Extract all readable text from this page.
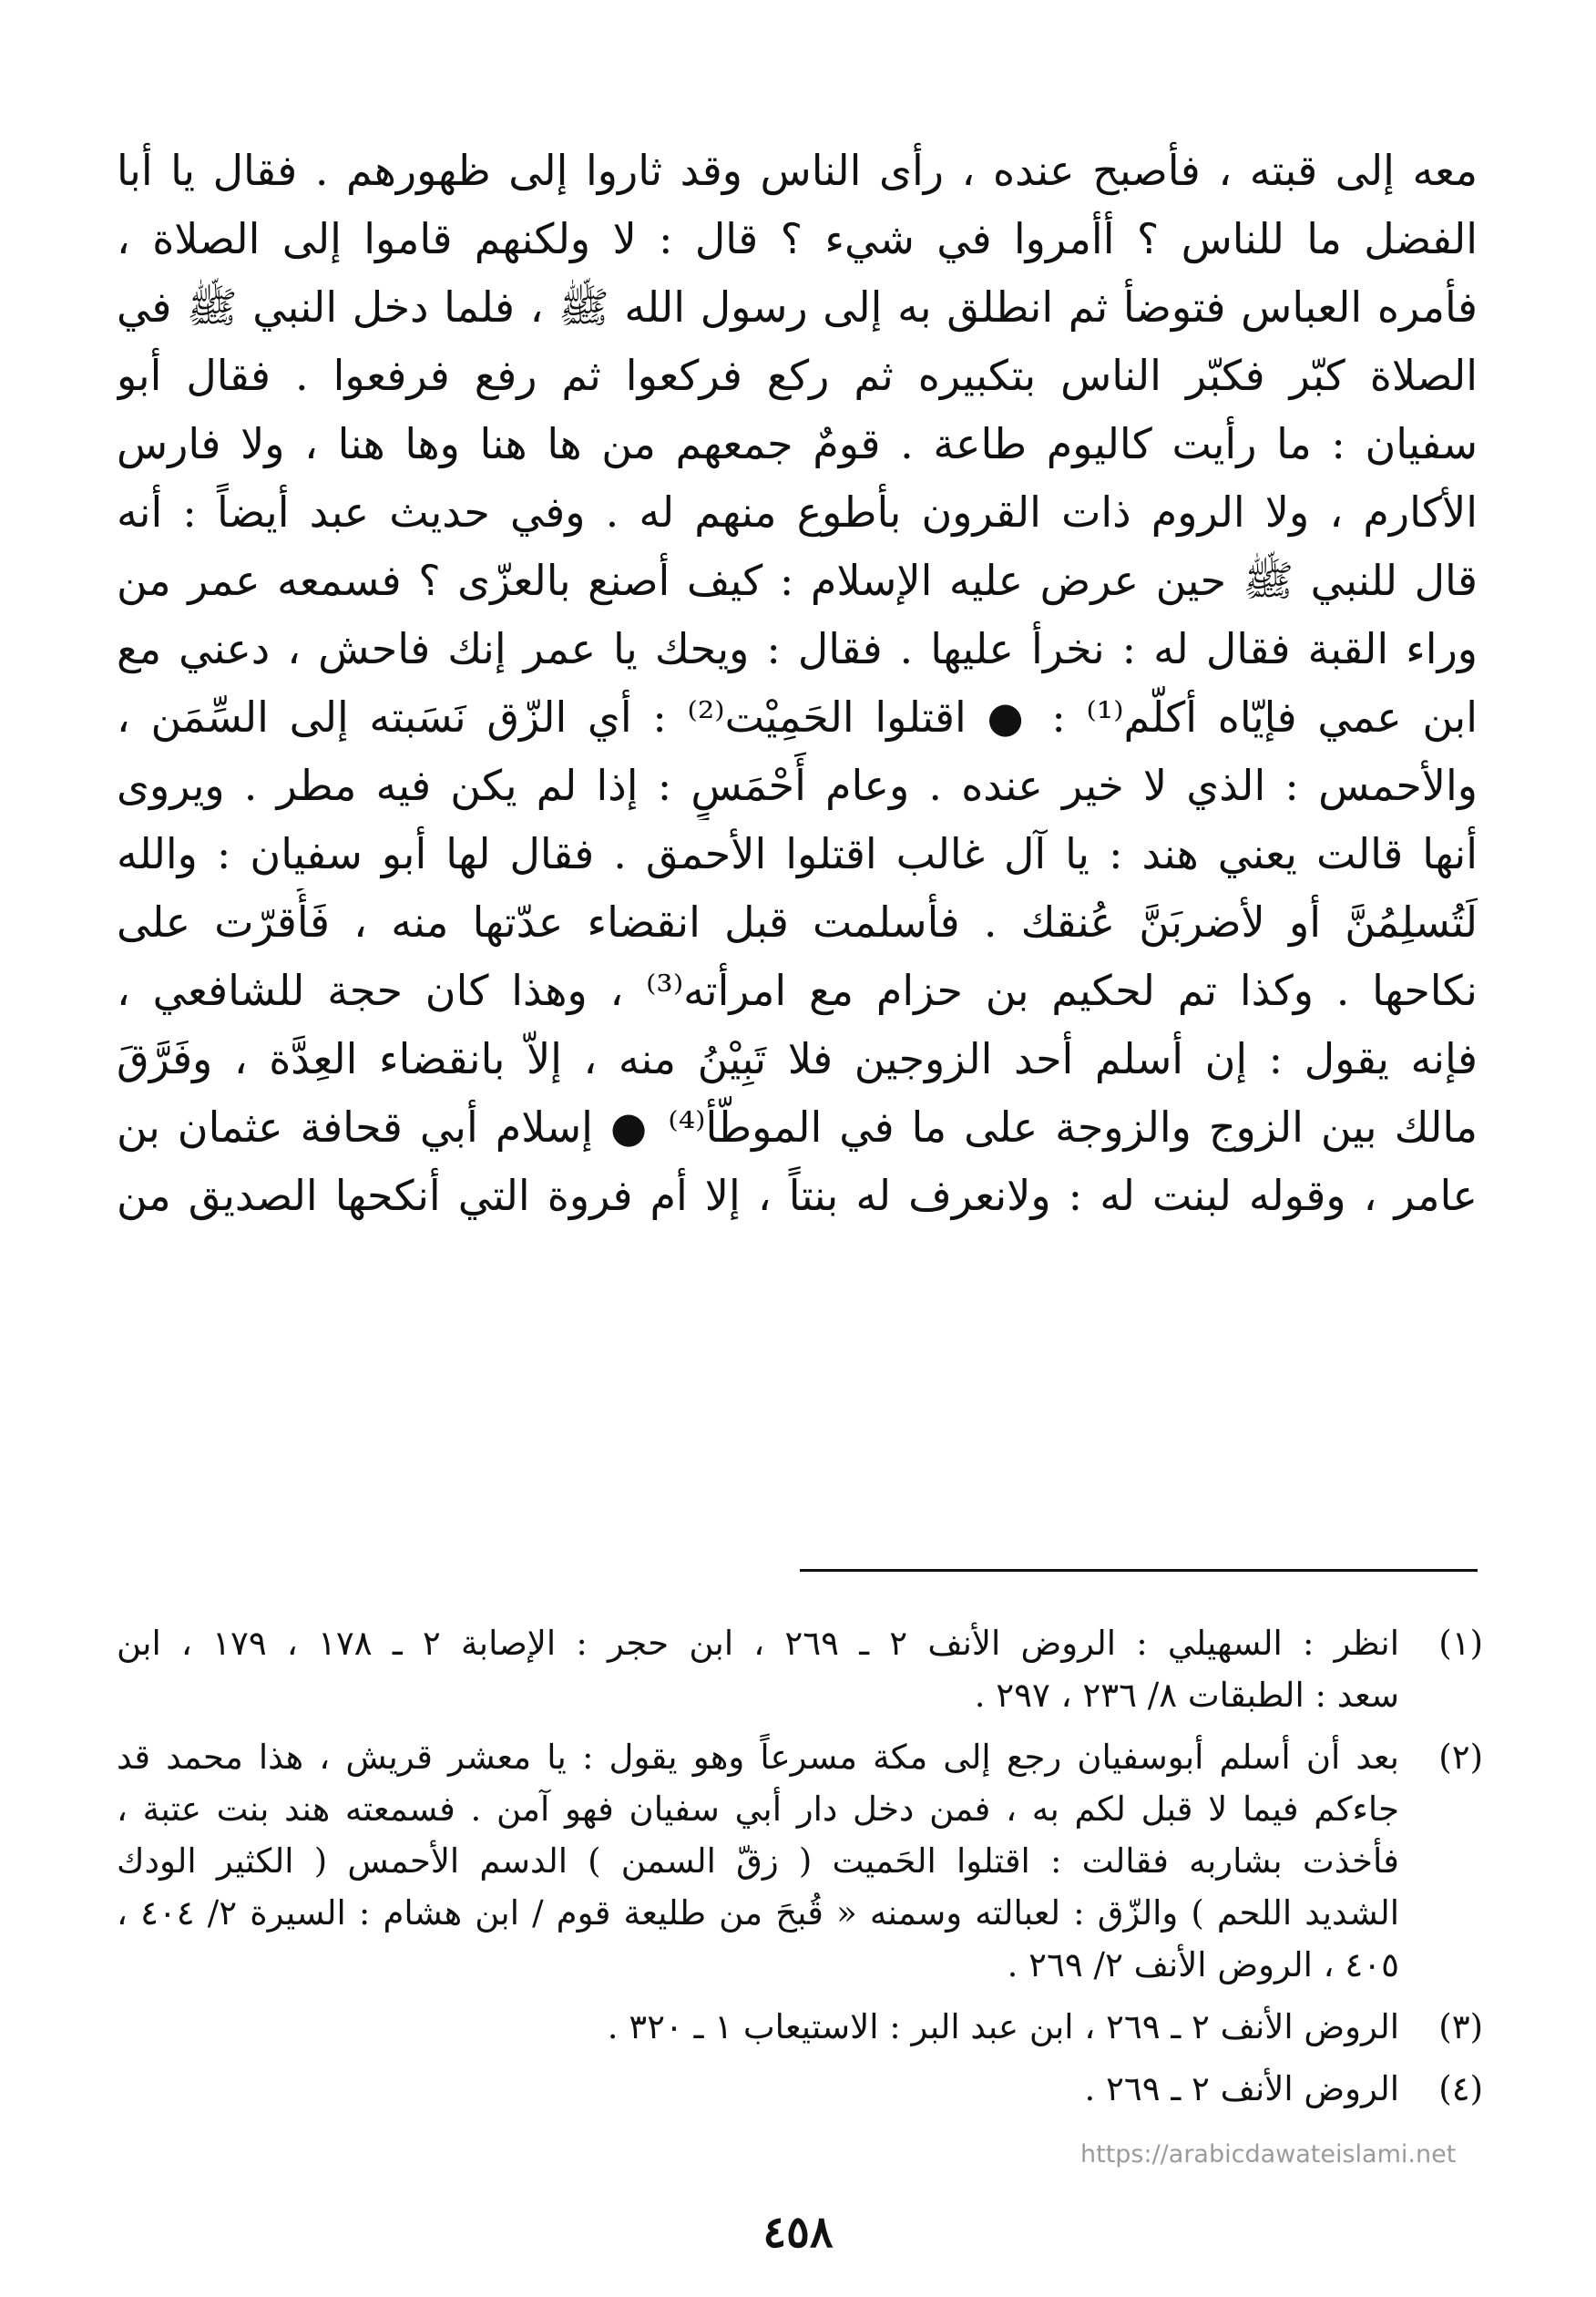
معه إلى قبته ، فأصبح عنده ، رأى الناس وقد ثاروا إلى ظهورهم . فقال يا أبا
الفضل ما للناس ؟ أأمروا في شيء ؟ قال : لا ولكنهم قاموا إلى الصلاة ،
فأمره العباس فتوضأ ثم انطلق به إلى رسول الله ﷺ ، فلما دخل النبي ﷺ في
الصلاة كبّر فكبّر الناس بتكبيره ثم ركع فركعوا ثم رفع فرفعوا . فقال أبو
سفيان : ما رأيت كاليوم طاعة . قومٌ جمعهم من ها هنا وها هنا ، ولا فارس
الأكارم ، ولا الروم ذات القرون بأطوع منهم له . وفي حديث عبد أيضاً : أنه
قال للنبي ﷺ حين عرض عليه الإسلام : كيف أصنع بالعزّى ؟ فسمعه عمر من
وراء القبة فقال له : نخرأ عليها . فقال : ويحك يا عمر إنك فاحش ، دعني مع
ابن عمي فإيّاه أكلّم⁽¹⁾ : ● اقتلوا الحَمِيْت⁽²⁾ : أي الزّق نَسَبته إلى السِّمَن ،
والأحمس : الذي لا خير عنده . وعام أَحْمَسٍ : إذا لم يكن فيه مطر . ويروى
أنها قالت يعني هند : يا آل غالب اقتلوا الأحمق . فقال لها أبو سفيان : والله
لَتُسلِمُنَّ أو لأضربَنَّ عُنقك . فأسلمت قبل انقضاء عدّتها منه ، فَأُقرّت على
نكاحها . وكذا تم لحكيم بن حزام مع امرأته⁽³⁾ ، وهذا كان حجة للشافعي ،
فإنه يقول : إن أسلم أحد الزوجين فلا تَبِيْنُ منه ، إلاّ بانقضاء العِدَّة ، وفَرَّقَ
مالك بين الزوج والزوجة على ما في الموطّأ⁽⁴⁾ ● إسلام أبي قحافة عثمان بن
عامر ، وقوله لبنت له : ولانعرف له بنتاً ، إلا أم فروة التي أنكحها الصديق من
(١)
انظر : السهيلي : الروض الأنف ٢ ـ ٢٦٩ ، ابن حجر : الإصابة ٢ ـ ١٧٨ ، ١٧٩ ، ابن
سعد : الطبقات ٨/ ٢٣٦ ، ٢٩٧ .
(٢)
بعد أن أسلم أبوسفيان رجع إلى مكة مسرعاً وهو يقول : يا معشر قريش ، هذا محمد قد
جاءكم فيما لا قبل لكم به ، فمن دخل دار أبي سفيان فهو آمن . فسمعته هند بنت عتبة ،
فأخذت بشاربه فقالت : اقتلوا الحَميت ( زقّ السمن ) الدسم الأحمس ( الكثير الودك
الشديد اللحم ) والزّق : لعبالته وسمنه « قُبحَ من طليعة قوم / ابن هشام : السيرة ٢/ ٤٠٤ ،
٤٠٥ ، الروض الأنف ٢/ ٢٦٩ .
(٣)
الروض الأنف ٢ ـ ٢٦٩ ، ابن عبد البر : الاستيعاب ١ ـ ٣٢٠ .
(٤)
الروض الأنف ٢ ـ ٢٦٩ .
https://arabicdawateislami.net
٤٥٨
